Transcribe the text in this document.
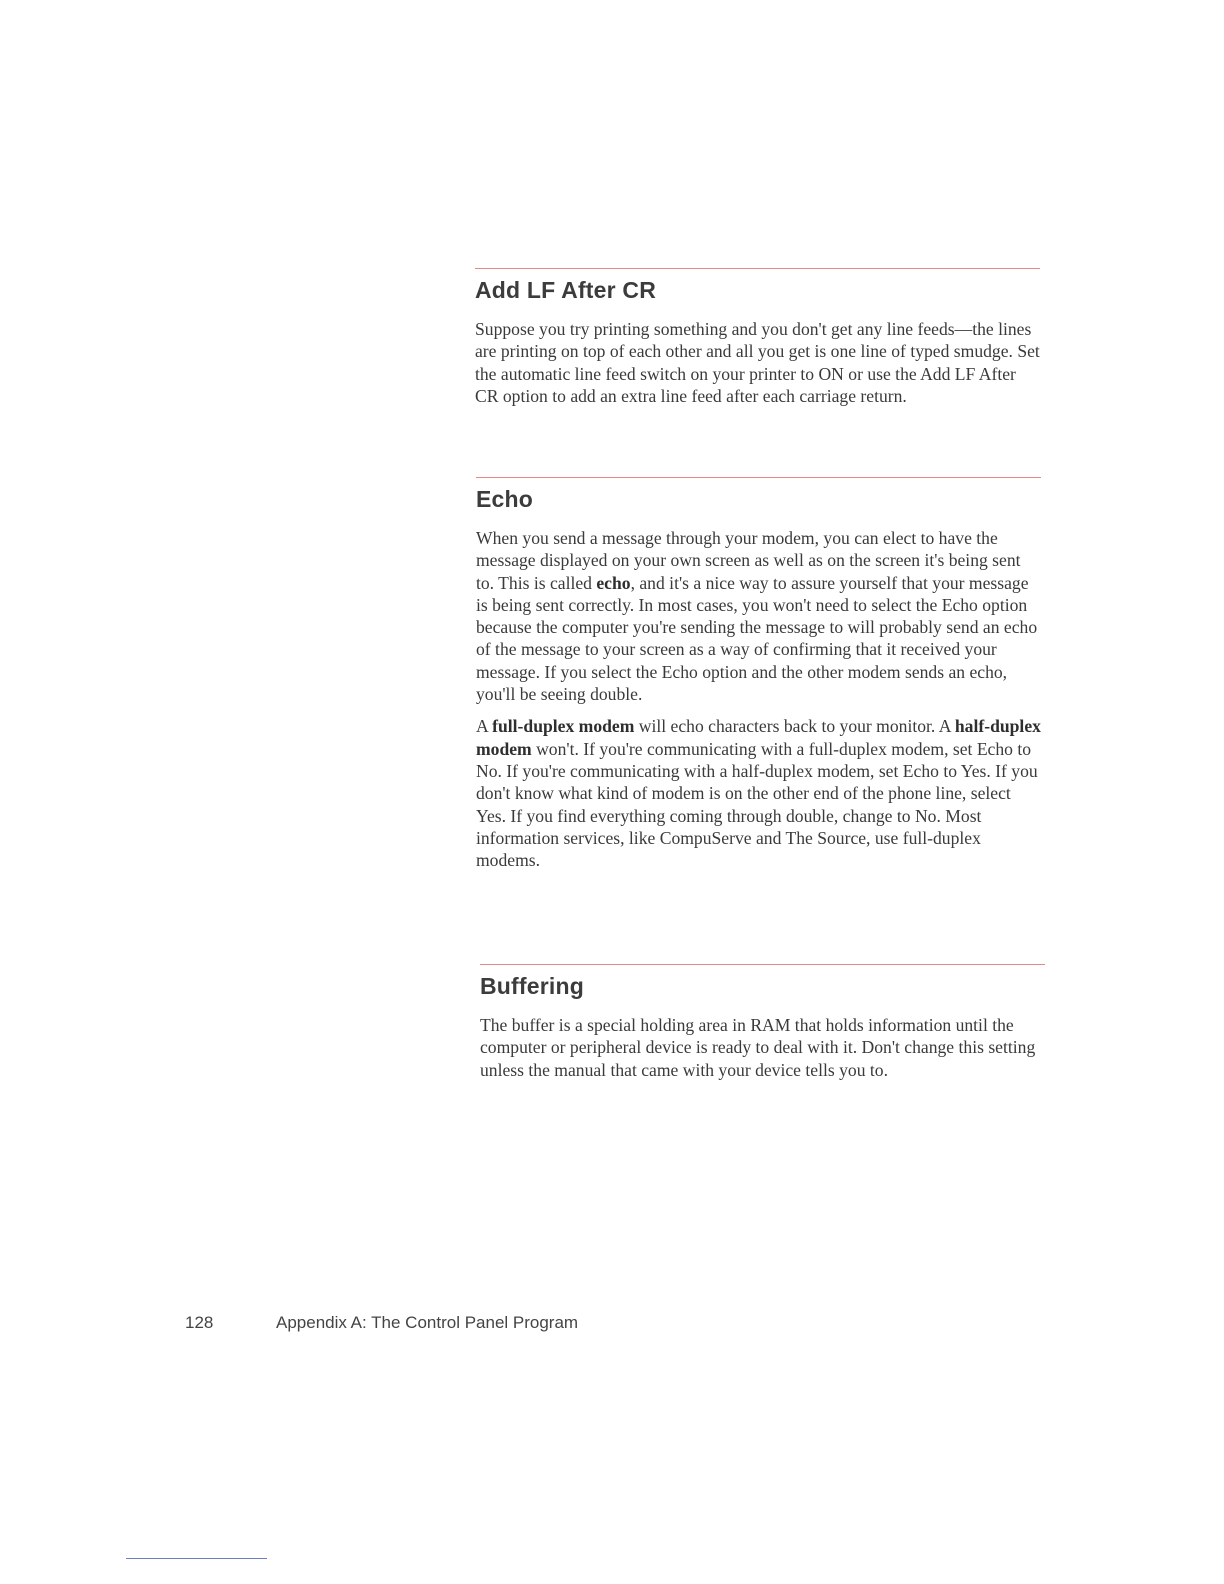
Add LF After CR

Suppose you try printing something and you don't get any line feeds—the lines are printing on top of each other and all you get is one line of typed smudge. Set the automatic line feed switch on your printer to ON or use the Add LF After CR option to add an extra line feed after each carriage return.

Echo

When you send a message through your modem, you can elect to have the message displayed on your own screen as well as on the screen it's being sent to. This is called echo, and it's a nice way to assure yourself that your message is being sent correctly. In most cases, you won't need to select the Echo option because the computer you're sending the message to will probably send an echo of the message to your screen as a way of confirming that it received your message. If you select the Echo option and the other modem sends an echo, you'll be seeing double.

A full-duplex modem will echo characters back to your monitor. A half-duplex modem won't. If you're communicating with a full-duplex modem, set Echo to No. If you're communicating with a half-duplex modem, set Echo to Yes. If you don't know what kind of modem is on the other end of the phone line, select Yes. If you find everything coming through double, change to No. Most information services, like CompuServe and The Source, use full-duplex modems.

Buffering

The buffer is a special holding area in RAM that holds information until the computer or peripheral device is ready to deal with it. Don't change this setting unless the manual that came with your device tells you to.

128	Appendix A: The Control Panel Program
